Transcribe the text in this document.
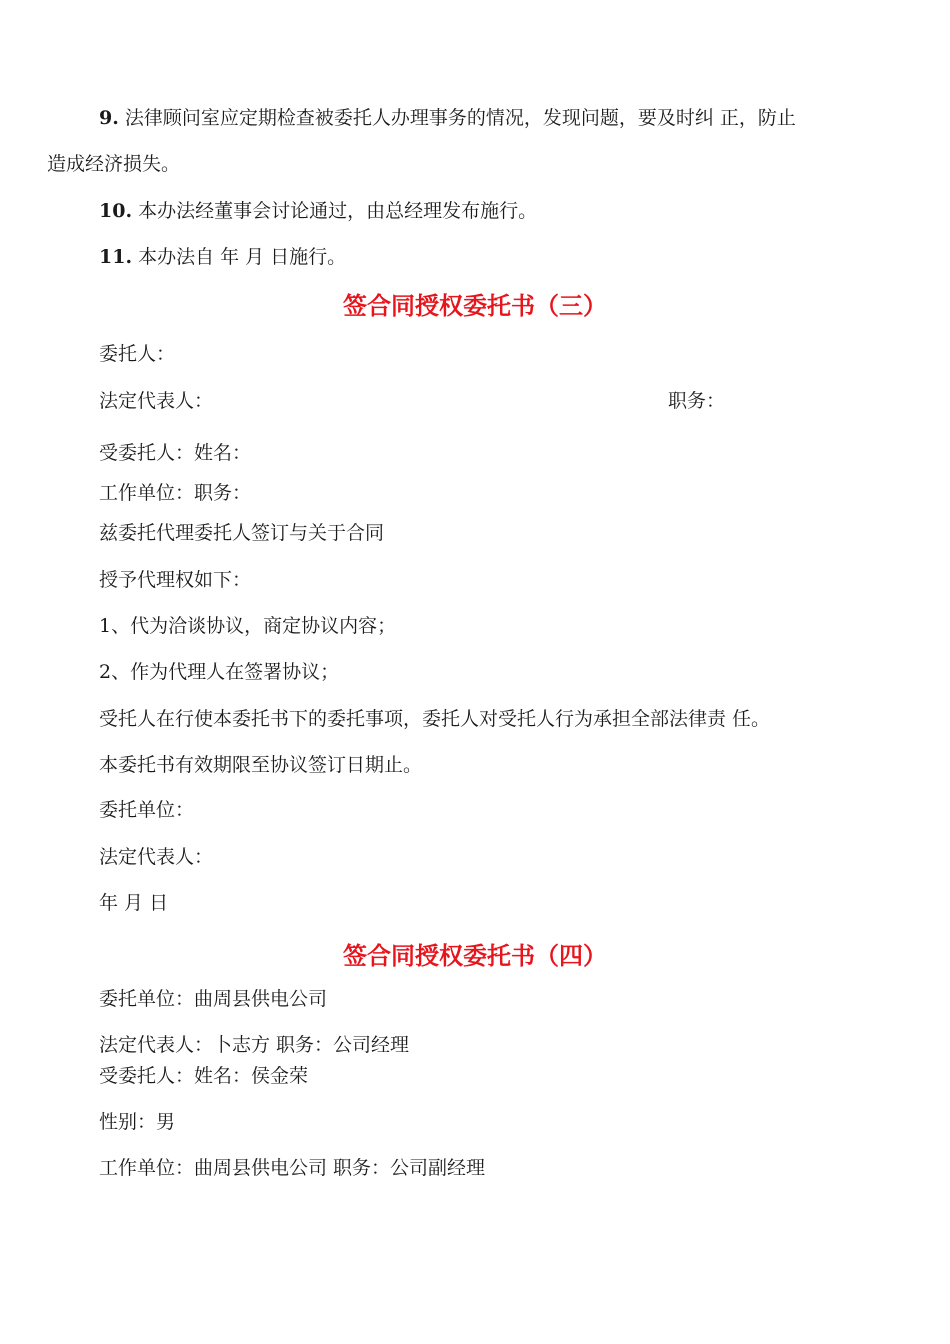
9. 法律顾问室应定期检查被委托人办理事务的情况，发现问题，要及时纠 正，防止

造成经济损失。

10. 本办法经董事会讨论通过，由总经理发布施行。

11. 本办法自 年 月 日施行。

签合同授权委托书（三）

委托人：

法定代表人：	职务：

受委托人：姓名：

工作单位：职务：

兹委托代理委托人签订与关于合同

授予代理权如下：

1、代为洽谈协议，商定协议内容；

2、作为代理人在签署协议；

受托人在行使本委托书下的委托事项，委托人对受托人行为承担全部法律责 任。

本委托书有效期限至协议签订日期止。

委托单位：

法定代表人：

年 月 日

签合同授权委托书（四）

委托单位：曲周县供电公司

法定代表人：卜志方 职务：公司经理

受委托人：姓名：侯金荣

性别：男

工作单位：曲周县供电公司 职务：公司副经理
